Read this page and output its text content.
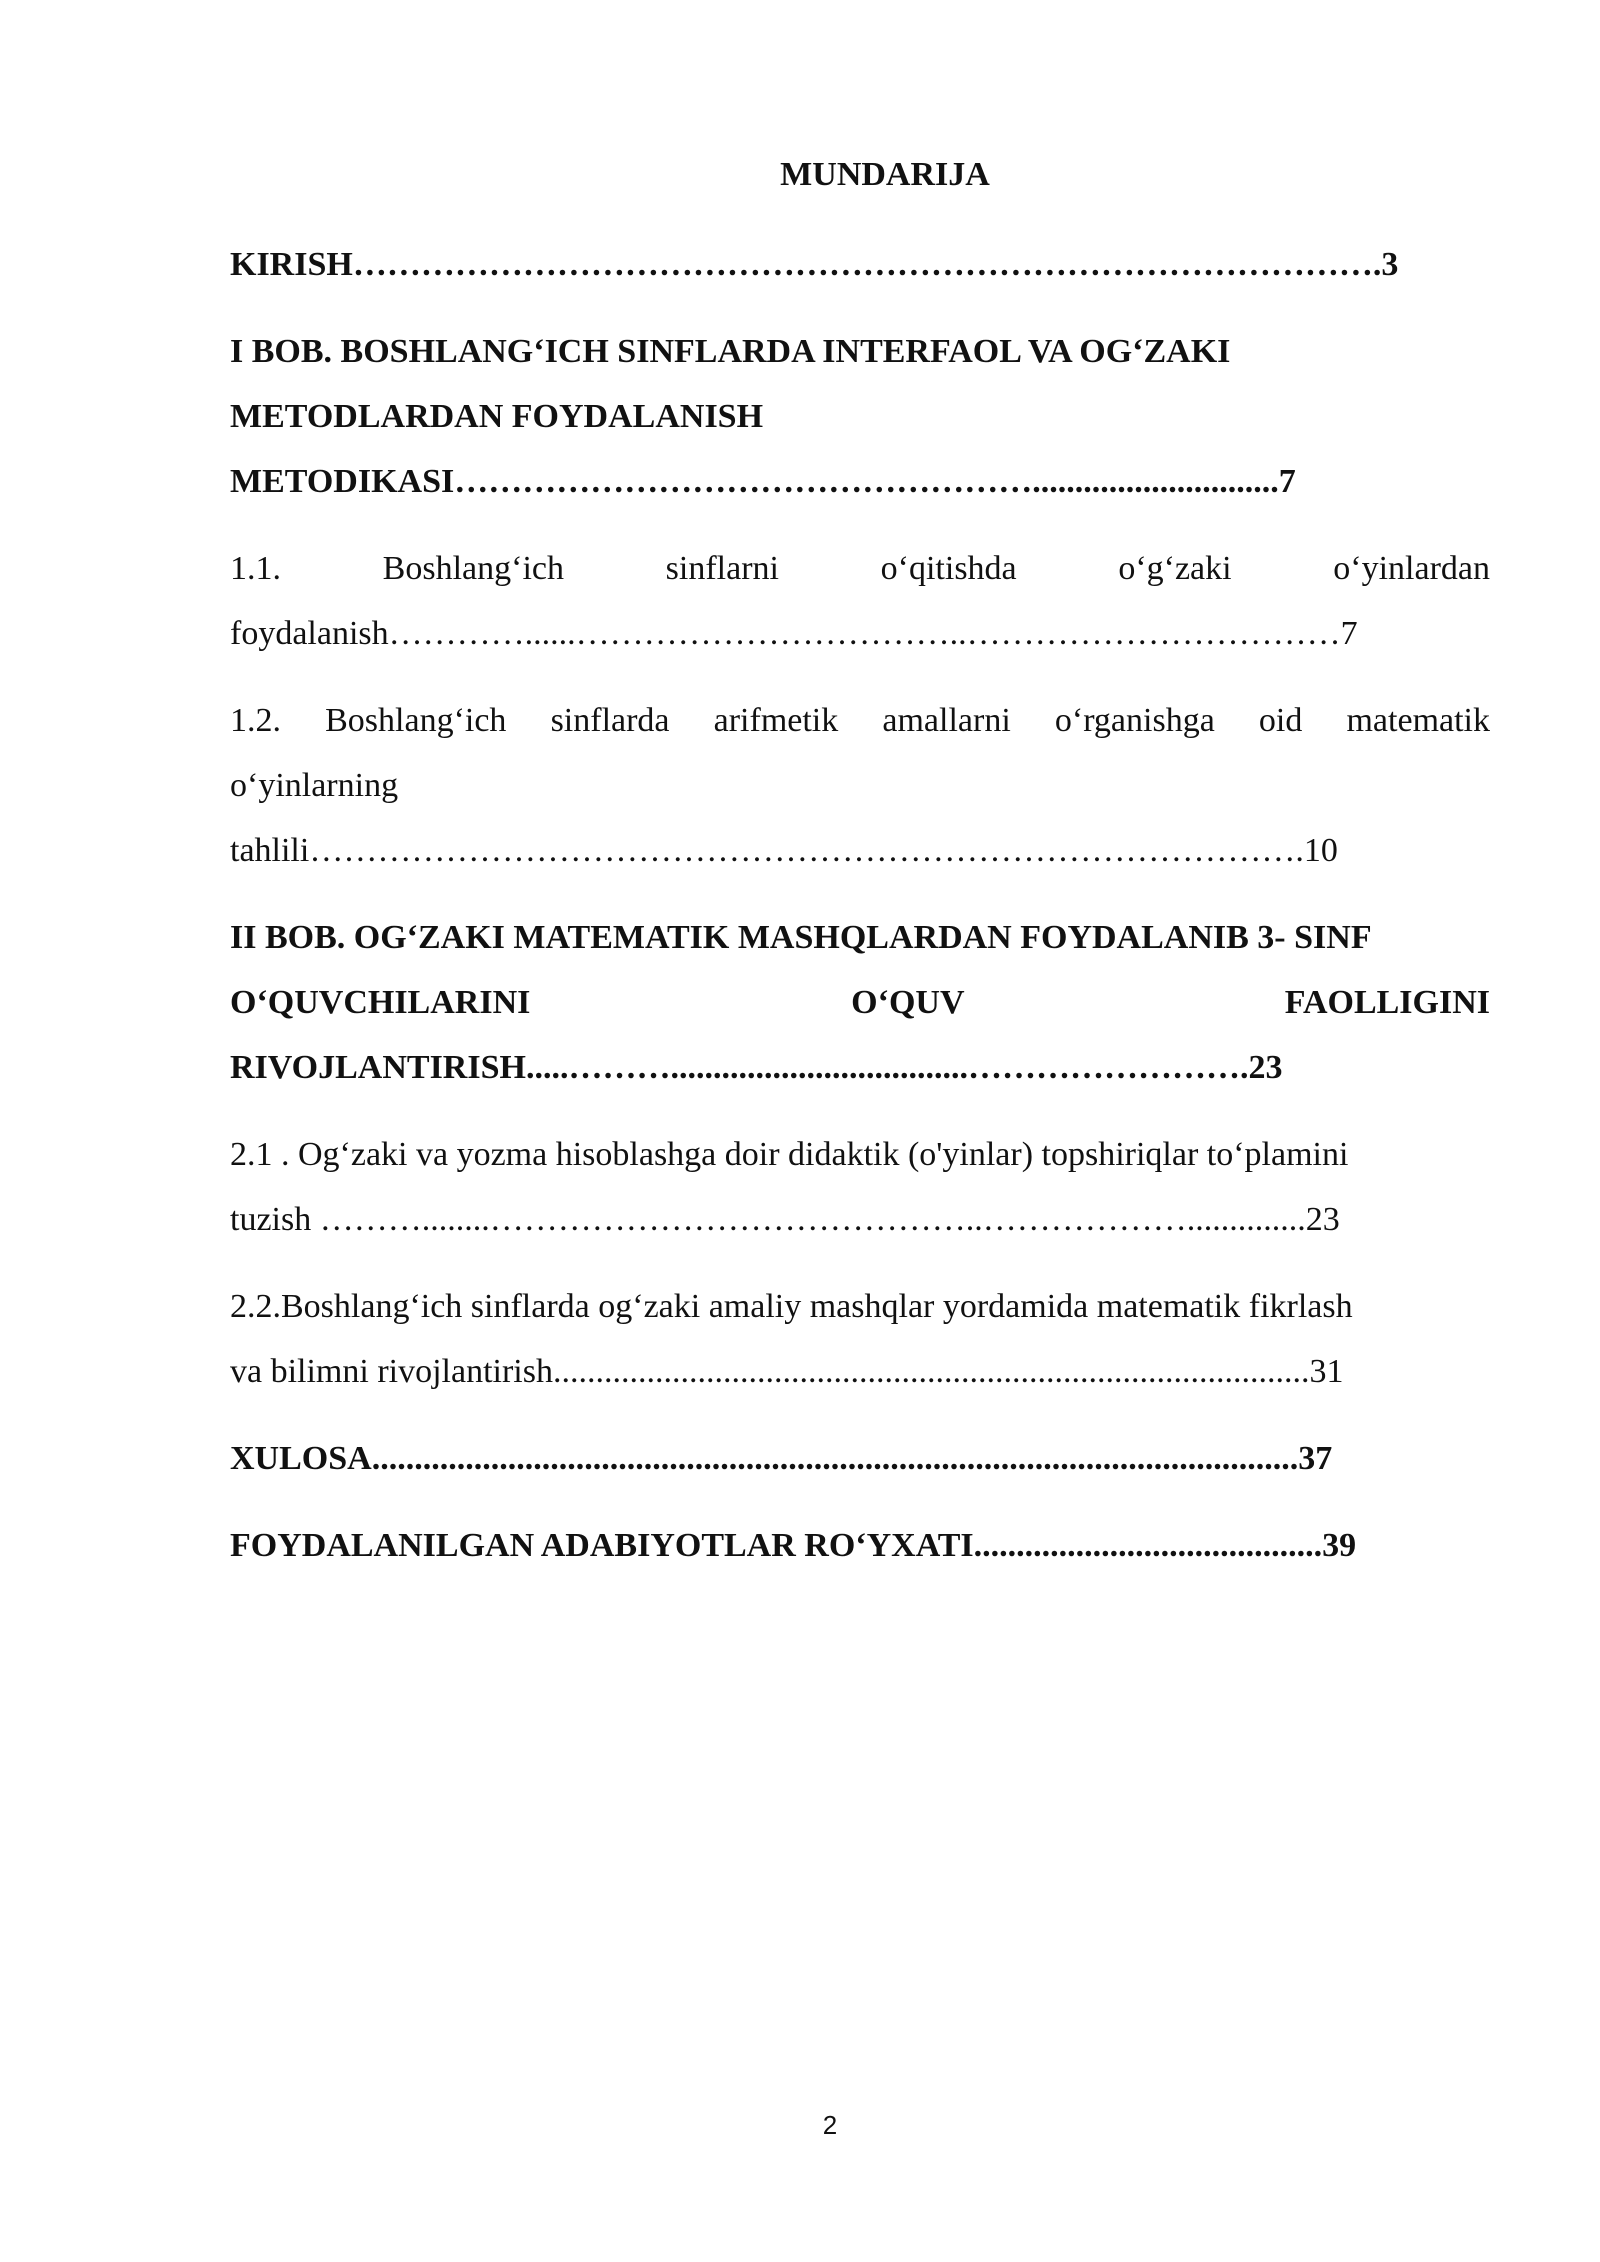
MUNDARIJA
KIRISH……………………………………………………………………………….3
I BOB. BOSHLANG‘ICH SINFLARDA INTERFAOL VA OG‘ZAKI
METODLARDAN FOYDALANISH
METODIKASI…………………………………………….............................7
1.1. Boshlang‘ich sinflarni o‘qitishda o‘g‘zaki o‘yinlardan
foydalanish…………......……………………………..……………………………7
1.2. Boshlang‘ich sinflarda arifmetik amallarni o‘rganishga oid matematik
o‘yinlarning
tahlili…………………………………………………………………………….10
II BOB. OG‘ZAKI MATEMATIK MASHQLARDAN FOYDALANIB 3- SINF
O‘QUVCHILARINI O‘QUV FAOLLIGINI
RIVOJLANTIRISH.....………...................................…………………….23
2.1 . Og‘zaki va yozma hisoblashga doir didaktik (o'yinlar) topshiriqlar to‘plamini
tuzish ………........……………………………………..………………..............23
2.2.Boshlang‘ich sinflarda og‘zaki amaliy mashqlar yordamida matematik fikrlash
va bilimni rivojlantirish.........................................................................................31
XULOSA.............................................................................................................37
FOYDALANILGAN ADABIYOTLAR RO‘YXATI.........................................39
2
